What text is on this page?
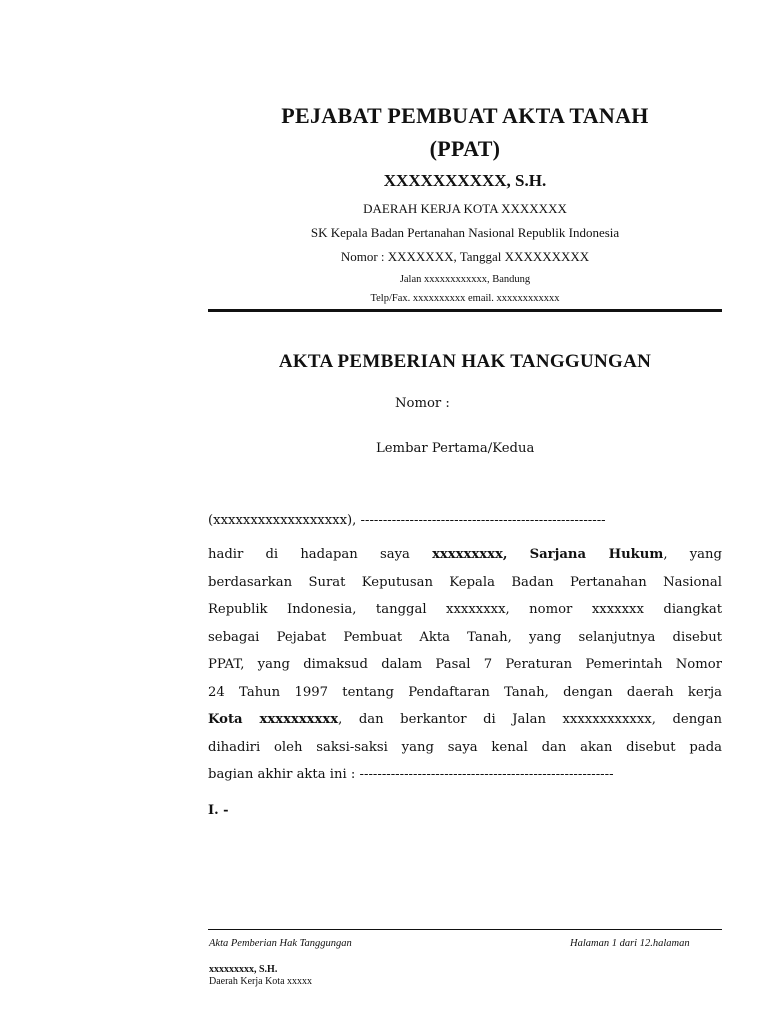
PEJABAT PEMBUAT AKTA TANAH
(PPAT)
XXXXXXXXXX, S.H.
DAERAH KERJA KOTA XXXXXXX
SK Kepala Badan Pertanahan Nasional Republik Indonesia
Nomor : XXXXXXX, Tanggal XXXXXXXXX
Jalan xxxxxxxxxxxx, Bandung
Telp/Fax. xxxxxxxxxx email. xxxxxxxxxxxx
AKTA PEMBERIAN HAK TANGGUNGAN
Nomor :
Lembar Pertama/Kedua
(xxxxxxxxxxxxxxxxxx), -------------------------------------------------------
hadir di hadapan saya xxxxxxxxx, Sarjana Hukum, yang
berdasarkan Surat Keputusan Kepala Badan Pertanahan Nasional
Republik Indonesia, tanggal xxxxxxxx, nomor xxxxxxx diangkat
sebagai Pejabat Pembuat Akta Tanah, yang selanjutnya disebut
PPAT, yang dimaksud dalam Pasal 7 Peraturan Pemerintah Nomor
24 Tahun 1997 tentang Pendaftaran Tanah, dengan daerah kerja
Kota xxxxxxxxxx, dan berkantor di Jalan xxxxxxxxxxxx, dengan
dihadiri oleh saksi-saksi yang saya kenal dan akan disebut pada
bagian akhir akta ini : ---------------------------------------------------------
I. -
Akta Pemberian Hak Tanggungan	Halaman 1 dari 12.halaman
xxxxxxxxx, S.H.
Daerah Kerja Kota xxxxx
